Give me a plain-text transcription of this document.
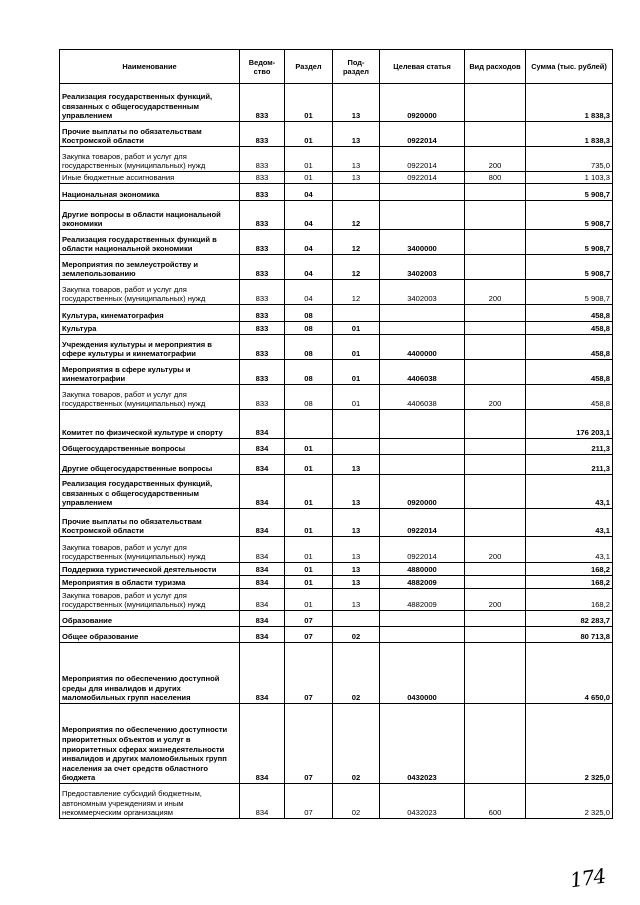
Наименование	Ведом-ство	Раздел	Под-раздел	Целевая статья	Вид расходов	Сумма (тыс. рублей)
Реализация государственных функций, связанных с общегосударственным управлением	833	01	13	0920000		1 838,3
Прочие выплаты по обязательствам Костромской области	833	01	13	0922014		1 838,3
Закупка товаров, работ и услуг для государственных (муниципальных) нужд	833	01	13	0922014	200	735,0
Иные бюджетные ассигнования	833	01	13	0922014	800	1 103,3
Национальная экономика	833	04				5 908,7
Другие вопросы в области национальной экономики	833	04	12			5 908,7
Реализация государственных функций в области национальной экономики	833	04	12	3400000		5 908,7
Мероприятия по землеустройству и землепользованию	833	04	12	3402003		5 908,7
Закупка товаров, работ и услуг для государственных (муниципальных) нужд	833	04	12	3402003	200	5 908,7
Культура, кинематография	833	08				458,8
Культура	833	08	01			458,8
Учреждения культуры и мероприятия в сфере культуры и кинематографии	833	08	01	4400000		458,8
Мероприятия в сфере культуры и кинематографии	833	08	01	4406038		458,8
Закупка товаров, работ и услуг для государственных (муниципальных) нужд	833	08	01	4406038	200	458,8
Комитет по физической культуре и спорту	834					176 203,1
Общегосударственные вопросы	834	01				211,3
Другие общегосударственные вопросы	834	01	13			211,3
Реализация государственных функций, связанных с общегосударственным управлением	834	01	13	0920000		43,1
Прочие выплаты по обязательствам Костромской области	834	01	13	0922014		43,1
Закупка товаров, работ и услуг для государственных (муниципальных) нужд	834	01	13	0922014	200	43,1
Поддержка туристической деятельности	834	01	13	4880000		168,2
Мероприятия в области туризма	834	01	13	4882009		168,2
Закупка товаров, работ и услуг для государственных (муниципальных) нужд	834	01	13	4882009	200	168,2
Образование	834	07				82 283,7
Общее образование	834	07	02			80 713,8
Мероприятия по обеспечению доступной среды для инвалидов и других маломобильных групп населения	834	07	02	0430000		4 650,0
Мероприятия по обеспечению доступности приоритетных объектов и услуг в приоритетных сферах жизнедеятельности инвалидов и других маломобильных групп населения за счет средств областного бюджета	834	07	02	0432023		2 325,0
Предоставление субсидий бюджетным, автономным учреждениям и иным некоммерческим организациям	834	07	02	0432023	600	2 325,0
174
